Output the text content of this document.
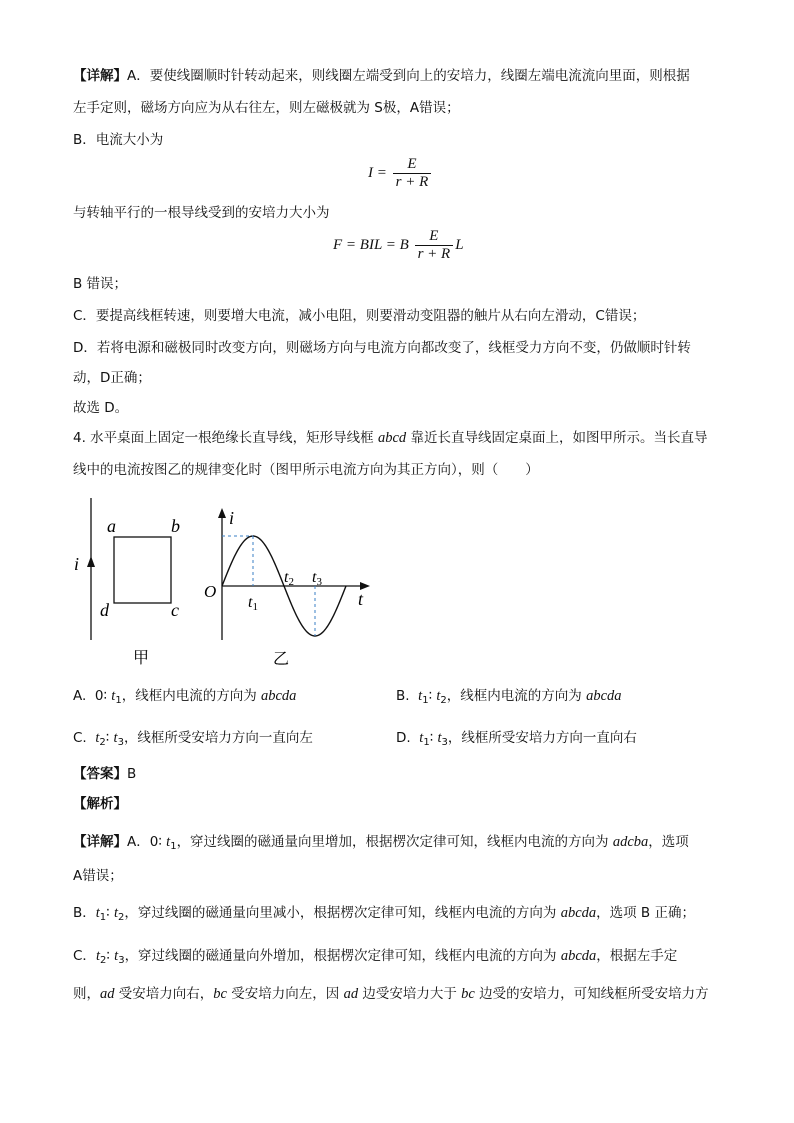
【详解】A．要使线圈顺时针转动起来，则线圈左端受到向上的安培力，线圈左端电流流向里面，则根据
左手定则，磁场方向应为从右往左，则左磁极就为 S极，A错误；
B．电流大小为
$I = \frac{E}{r + R}$
与转轴平行的一根导线受到的安培力大小为
F = BIL = B $\frac{E}{r + R}$ L
B 错误；
C．要提高线框转速，则要增大电流，减小电阻，则要滑动变阻器的触片从右向左滑动，C错误；
D．若将电源和磁极同时改变方向，则磁场方向与电流方向都改变了，线框受力方向不变，仍做顺时针转
动，D正确；
故选 D。
4. 水平桌面上固定一根绝缘长直导线，矩形导线框 abcd 靠近长直导线固定桌面上，如图甲所示。当长直导
线中的电流按图乙的规律变化时（图甲所示电流方向为其正方向），则（　　）
i
a	b
c
d
甲
i
t
O
t1
t2 t3
乙
A. 0∶ $t_1$，线框内电流的方向为 abcda	B. $t_1∶$ $t_2$，线框内电流的方向为 abcda
C. $t_2∶$ $t_3$，线框所受安培力方向一直向左	D. $t_1∶$ $t_3$，线框所受安培力方向一直向右
【答案】B
【解析】
【详解】A．0∶ $t_1$，穿过线圈的磁通量向里增加，根据楞次定律可知，线框内电流的方向为 adcba，选项
A错误；
B．$t_1∶$ $t_2$，穿过线圈的磁通量向里减小，根据楞次定律可知，线框内电流的方向为 abcda，选项 B 正确；
C．$t_2∶$ $t_3$，穿过线圈的磁通量向外增加，根据楞次定律可知，线框内电流的方向为 abcda，根据左手定
则，ad 受安培力向右，bc 受安培力向左，因 ad 边受安培力大于 bc 边受的安培力，可知线框所受安培力方
